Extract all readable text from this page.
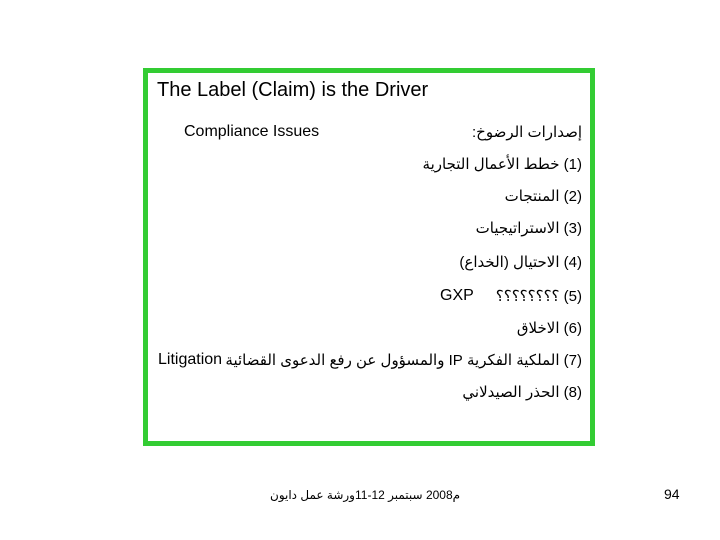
The Label (Claim) is the Driver
Compliance Issues	إصدارات الرضوخ:
(1) خطط الأعمال التجارية
(2) المنتجات
(3) الاستراتيجيات
(4) الاحتيال (الخداع)
(5) ؟؟؟؟؟؟؟؟
GXP
(6) الاخلاق
(7) الملكية الفكرية IP والمسؤول عن رفع الدعوى القضائية
Litigation
(8) الحذر الصيدلاني
م2008 سبتمبر 12-11ورشة عمل دايون	94
